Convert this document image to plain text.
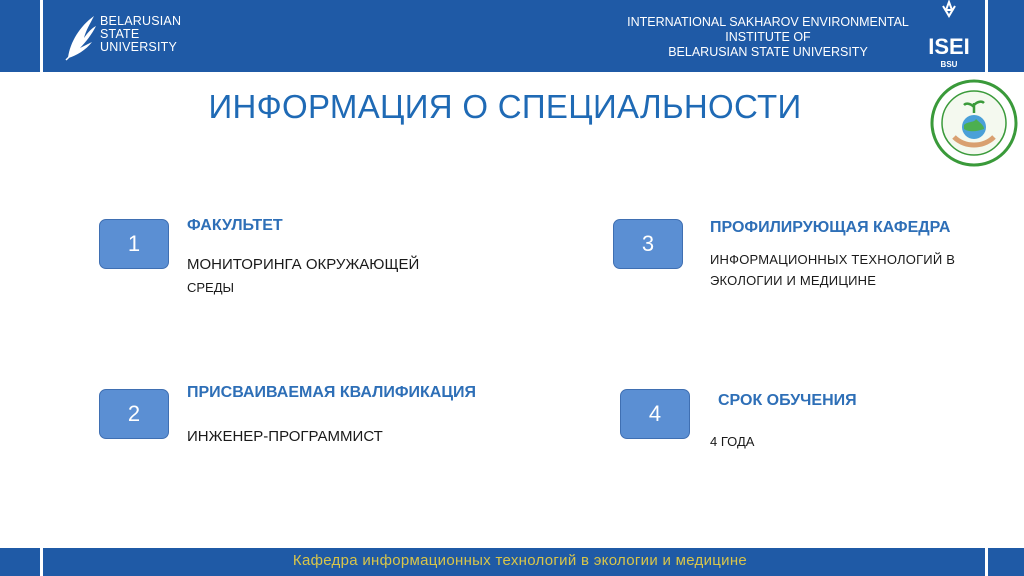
BELARUSIAN
STATE
UNIVERSITY
INTERNATIONAL SAKHAROV ENVIRONMENTAL
INSTITUTE OF
BELARUSIAN STATE UNIVERSITY	ISEI
BSU
ИНФОРМАЦИЯ О СПЕЦИАЛЬНОСТИ
1
ФАКУЛЬТЕТ
МОНИТОРИНГА ОКРУЖАЮЩЕЙ
СРЕДЫ
2
ПРИСВАИВАЕМАЯ КВАЛИФИКАЦИЯ
ИНЖЕНЕР-ПРОГРАММИСТ
3
ПРОФИЛИРУЮЩАЯ КАФЕДРА
ИНФОРМАЦИОННЫХ ТЕХНОЛОГИЙ В
ЭКОЛОГИИ И МЕДИЦИНЕ
4
СРОК ОБУЧЕНИЯ
4 ГОДА
Кафедра информационных технологий в экологии и медицине
